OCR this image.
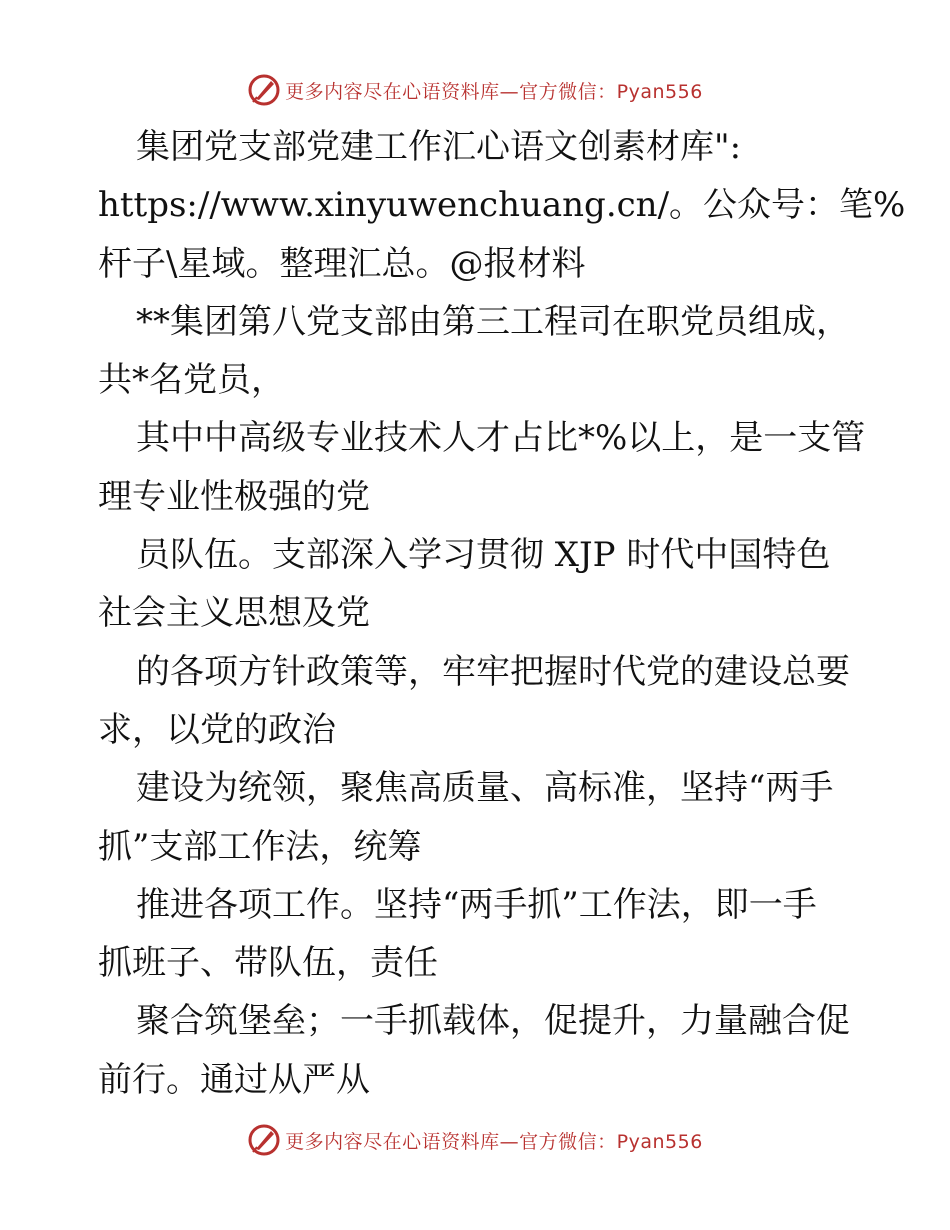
更多内容尽在心语资料库—官方微信：Pyan556
集团党支部党建工作汇心语文创素材库":
https://www.xinyuwenchuang.cn/。公众号：笔%
杆子\星域。整理汇总。@报材料
**集团第八党支部由第三工程司在职党员组成，
共*名党员，
其中中高级专业技术人才占比*%以上，是一支管
理专业性极强的党
员队伍。支部深入学习贯彻 XJP 时代中国特色
社会主义思想及党
的各项方针政策等，牢牢把握时代党的建设总要
求，以党的政治
建设为统领，聚焦高质量、高标准，坚持“两手
抓”支部工作法，统筹
推进各项工作。坚持“两手抓”工作法，即一手
抓班子、带队伍，责任
聚合筑堡垒；一手抓载体，促提升，力量融合促
前行。通过从严从
更多内容尽在心语资料库—官方微信：Pyan556
